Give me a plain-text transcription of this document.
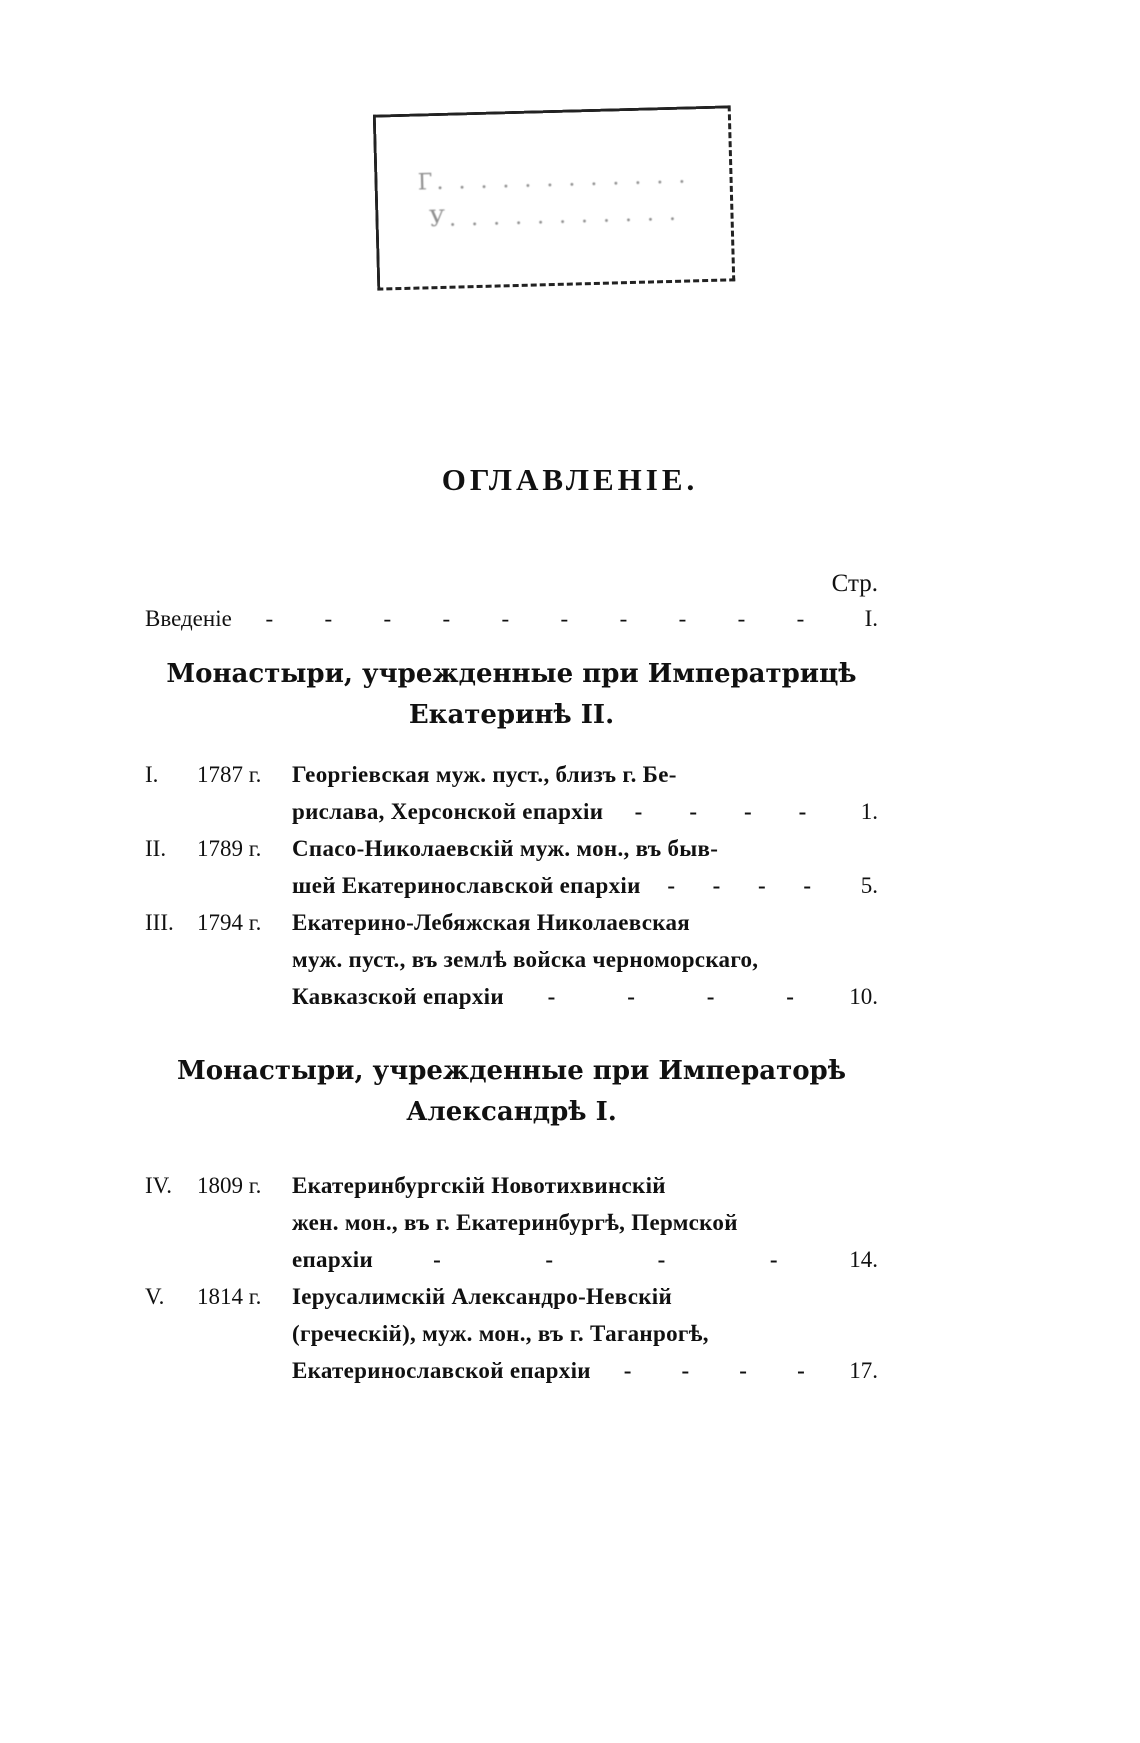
Г. . . . . . . . . . . .
У. . . . . . . . . . .
ОГЛАВЛЕНІЕ.
Стр.
Введеніе - - - - - - - - - -	I.
Монастыри, учрежденные при Императрицѣ
Екатеринѣ II.
I.	1787 г.	Георгіевская муж. пуст., близъ г. Бе-
рислава, Херсонской епархіи - - - -	1.
II.	1789 г.	Спасо-Николаевскій муж. мон., въ быв-
шей Екатеринославской епархіи - - - -	5.
III.	1794 г.	Екатерино-Лебяжская Николаевская
муж. пуст., въ землѣ войска черноморскаго,
Кавказской епархіи -	-	-	-	10.
Монастыри, учрежденные при Императорѣ
Александрѣ I.
IV.	1809 г.	Екатеринбургскій Новотихвинскій
жен. мон., въ г. Екатеринбургѣ, Пермской
епархіи	-	-	-	-	14.
V.	1814 г.	Іерусалимскій Александро-Невскій
(греческій), муж. мон., въ г. Таганрогѣ,
Екатеринославской епархіи - - - -	17.
